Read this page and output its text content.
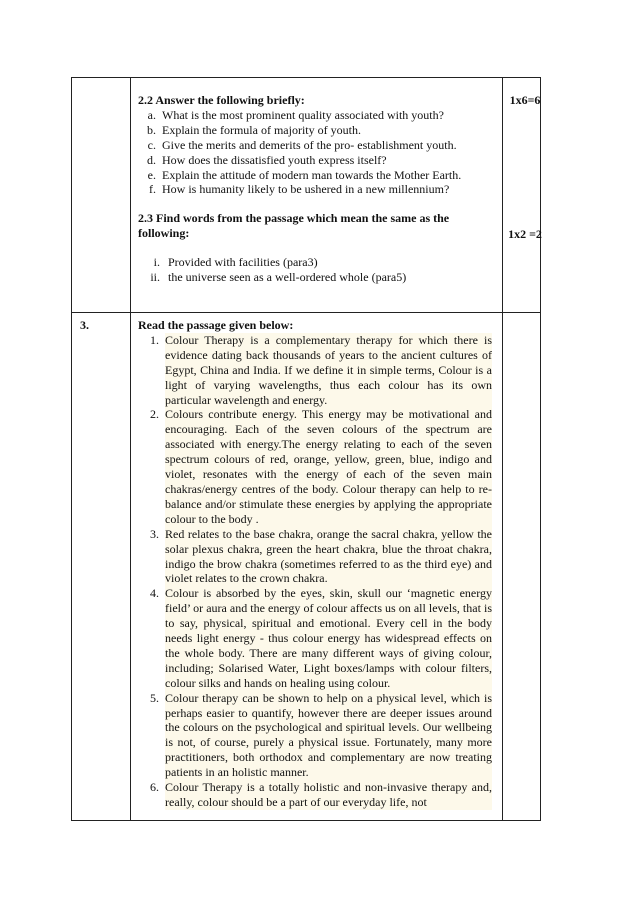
2.2 Answer the following briefly:
a. What is the most prominent quality associated with youth?
b. Explain the formula of majority of youth.
c. Give the merits and demerits of the pro- establishment youth.
d. How does the dissatisfied youth express itself?
e. Explain the attitude of modern man towards the Mother Earth.
f. How is humanity likely to be ushered in a new millennium?
2.3 Find words from the passage which mean the same as the
following:
i. Provided with facilities (para3)
ii. the universe seen as a well-ordered whole (para5)
1x6=6
1x2 =2
3.	Read the passage given below:
1. Colour Therapy is a complementary therapy for which there is evidence dating back thousands of years to the ancient cultures of Egypt, China and India. If we define it in simple terms, Colour is a light of varying wavelengths, thus each colour has its own particular wavelength and energy.
2. Colours contribute energy. This energy may be motivational and encouraging. Each of the seven colours of the spectrum are associated with energy.The energy relating to each of the seven spectrum colours of red, orange, yellow, green, blue, indigo and violet, resonates with the energy of each of the seven main chakras/energy centres of the body. Colour therapy can help to re-balance and/or stimulate these energies by applying the appropriate colour to the body .
3. Red relates to the base chakra, orange the sacral chakra, yellow the solar plexus chakra, green the heart chakra, blue the throat chakra, indigo the brow chakra (sometimes referred to as the third eye) and violet relates to the crown chakra.
4. Colour is absorbed by the eyes, skin, skull our ‘magnetic energy field’ or aura and the energy of colour affects us on all levels, that is to say, physical, spiritual and emotional. Every cell in the body needs light energy - thus colour energy has widespread effects on the whole body. There are many different ways of giving colour, including; Solarised Water, Light boxes/lamps with colour filters, colour silks and hands on healing using colour.
5. Colour therapy can be shown to help on a physical level, which is perhaps easier to quantify, however there are deeper issues around the colours on the psychological and spiritual levels. Our wellbeing is not, of course, purely a physical issue. Fortunately, many more practitioners, both orthodox and complementary are now treating patients in an holistic manner.
6. Colour Therapy is a totally holistic and non-invasive therapy and, really, colour should be a part of our everyday life, not
